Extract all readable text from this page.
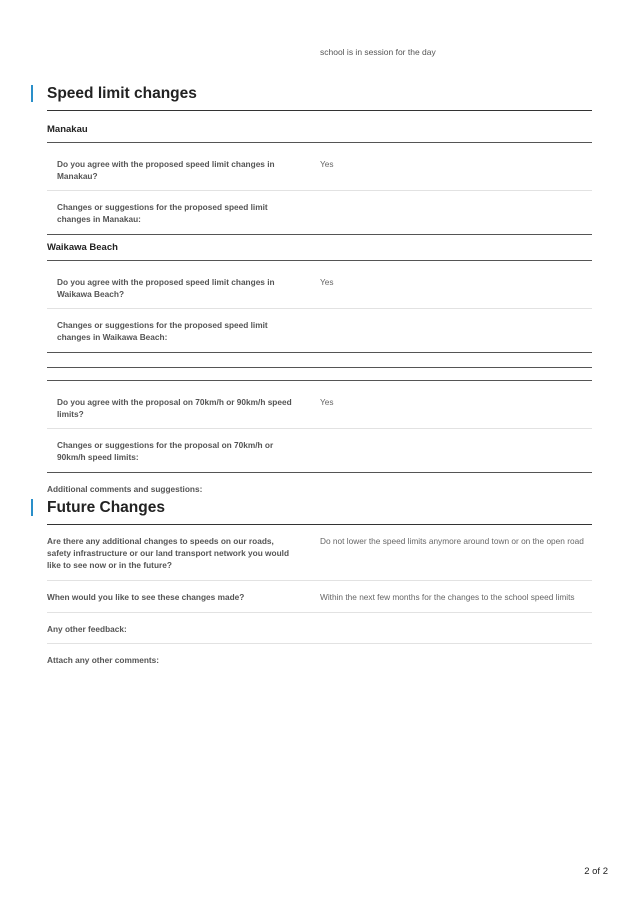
school is in session for the day
Speed limit changes
Manakau
Do you agree with the proposed speed limit changes in Manakau?
Yes
Changes or suggestions for the proposed speed limit changes in Manakau:
Waikawa Beach
Do you agree with the proposed speed limit changes in Waikawa Beach?
Yes
Changes or suggestions for the proposed speed limit changes in Waikawa Beach:
Do you agree with the proposal on 70km/h or 90km/h speed limits?
Yes
Changes or suggestions for the proposal on 70km/h or 90km/h speed limits:
Additional comments and suggestions:
Future Changes
Are there any additional changes to speeds on our roads, safety infrastructure or our land transport network you would like to see now or in the future?
Do not lower the speed limits anymore around town or on the open road
When would you like to see these changes made?	Within the next few months for the changes to the school speed limits
Any other feedback:
Attach any other comments:
2 of 2
